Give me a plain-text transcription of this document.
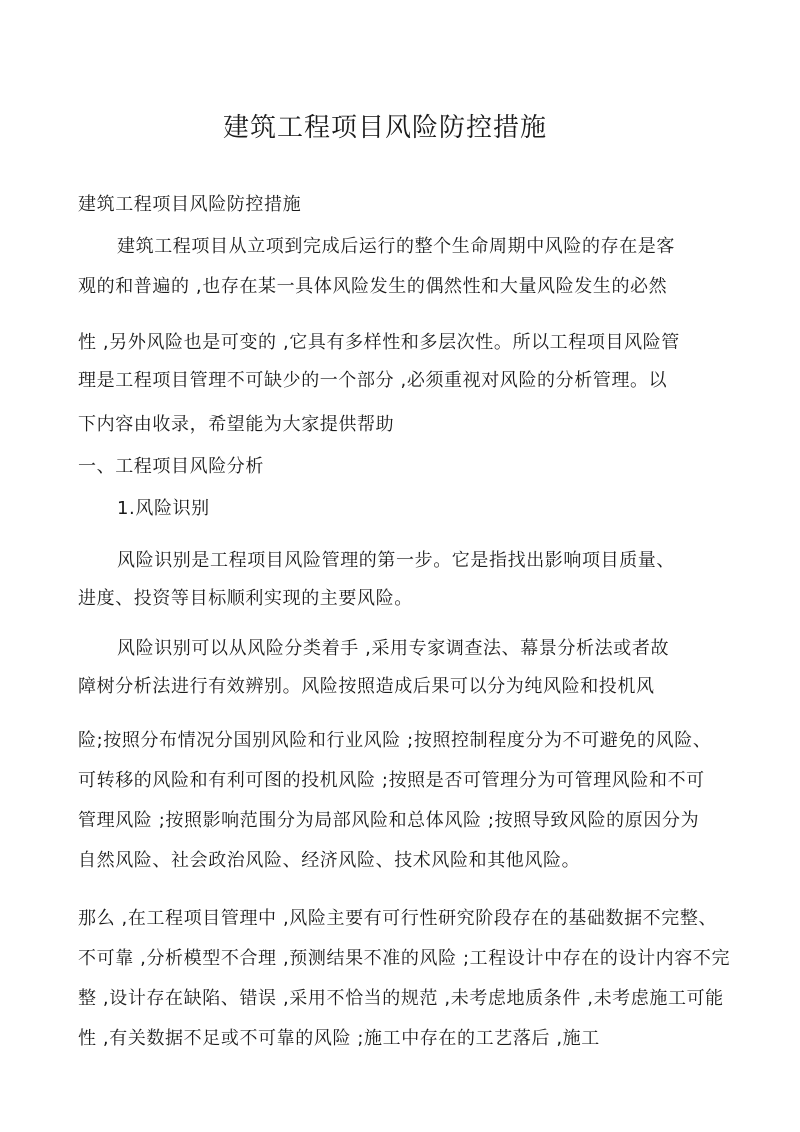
建筑工程项目风险防控措施
建筑工程项目风险防控措施
建筑工程项目从立项到完成后运行的整个生命周期中风险的存在是客
观的和普遍的 ,也存在某一具体风险发生的偶然性和大量风险发生的必然
性 ,另外风险也是可变的 ,它具有多样性和多层次性。所以工程项目风险管
理是工程项目管理不可缺少的一个部分 ,必须重视对风险的分析管理。以
下内容由收录，希望能为大家提供帮助
一、工程项目风险分析
1.风险识别
风险识别是工程项目风险管理的第一步。它是指找出影响项目质量、
进度、投资等目标顺利实现的主要风险。
风险识别可以从风险分类着手 ,采用专家调查法、幕景分析法或者故
障树分析法进行有效辨别。风险按照造成后果可以分为纯风险和投机风
险;按照分布情况分国别风险和行业风险 ;按照控制程度分为不可避免的风险、
可转移的风险和有利可图的投机风险 ;按照是否可管理分为可管理风险和不可
管理风险 ;按照影响范围分为局部风险和总体风险 ;按照导致风险的原因分为
自然风险、社会政治风险、经济风险、技术风险和其他风险。
那么 ,在工程项目管理中 ,风险主要有可行性研究阶段存在的基础数据不完整、
不可靠 ,分析模型不合理 ,预测结果不准的风险 ;工程设计中存在的设计内容不完
整 ,设计存在缺陷、错误 ,采用不恰当的规范 ,未考虑地质条件 ,未考虑施工可能
性 ,有关数据不足或不可靠的风险 ;施工中存在的工艺落后 ,施工
